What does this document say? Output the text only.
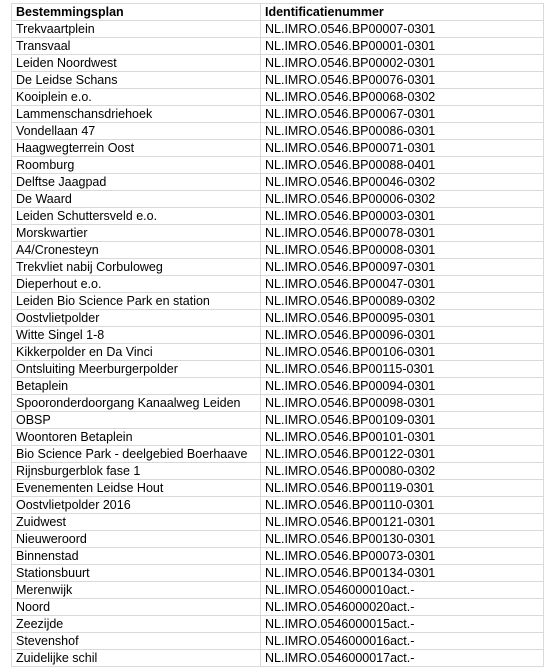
Bestemmingsplan	Identificatienummer
Trekvaartplein	NL.IMRO.0546.BP00007-0301
Transvaal	NL.IMRO.0546.BP00001-0301
Leiden Noordwest	NL.IMRO.0546.BP00002-0301
De Leidse Schans	NL.IMRO.0546.BP00076-0301
Kooiplein e.o.	NL.IMRO.0546.BP00068-0302
Lammenschansdriehoek	NL.IMRO.0546.BP00067-0301
Vondellaan 47	NL.IMRO.0546.BP00086-0301
Haagwegterrein Oost	NL.IMRO.0546.BP00071-0301
Roomburg	NL.IMRO.0546.BP00088-0401
Delftse Jaagpad	NL.IMRO.0546.BP00046-0302
De Waard	NL.IMRO.0546.BP00006-0302
Leiden Schuttersveld e.o.	NL.IMRO.0546.BP00003-0301
Morskwartier	NL.IMRO.0546.BP00078-0301
A4/Cronesteyn	NL.IMRO.0546.BP00008-0301
Trekvliet nabij Corbuloweg	NL.IMRO.0546.BP00097-0301
Dieperhout e.o.	NL.IMRO.0546.BP00047-0301
Leiden Bio Science Park en station	NL.IMRO.0546.BP00089-0302
Oostvlietpolder	NL.IMRO.0546.BP00095-0301
Witte Singel 1-8	NL.IMRO.0546.BP00096-0301
Kikkerpolder en Da Vinci	NL.IMRO.0546.BP00106-0301
Ontsluiting Meerburgerpolder	NL.IMRO.0546.BP00115-0301
Betaplein	NL.IMRO.0546.BP00094-0301
Spooronderdoorgang Kanaalweg Leiden	NL.IMRO.0546.BP00098-0301
OBSP	NL.IMRO.0546.BP00109-0301
Woontoren Betaplein	NL.IMRO.0546.BP00101-0301
Bio Science Park - deelgebied Boerhaave	NL.IMRO.0546.BP00122-0301
Rijnsburgerblok fase 1	NL.IMRO.0546.BP00080-0302
Evenementen Leidse Hout	NL.IMRO.0546.BP00119-0301
Oostvlietpolder 2016	NL.IMRO.0546.BP00110-0301
Zuidwest	NL.IMRO.0546.BP00121-0301
Nieuweroord	NL.IMRO.0546.BP00130-0301
Binnenstad	NL.IMRO.0546.BP00073-0301
Stationsbuurt	NL.IMRO.0546.BP00134-0301
Merenwijk	NL.IMRO.0546000010act.-
Noord	NL.IMRO.0546000020act.-
Zeezijde	NL.IMRO.0546000015act.-
Stevenshof	NL.IMRO.0546000016act.-
Zuidelijke schil	NL.IMRO.0546000017act.-
